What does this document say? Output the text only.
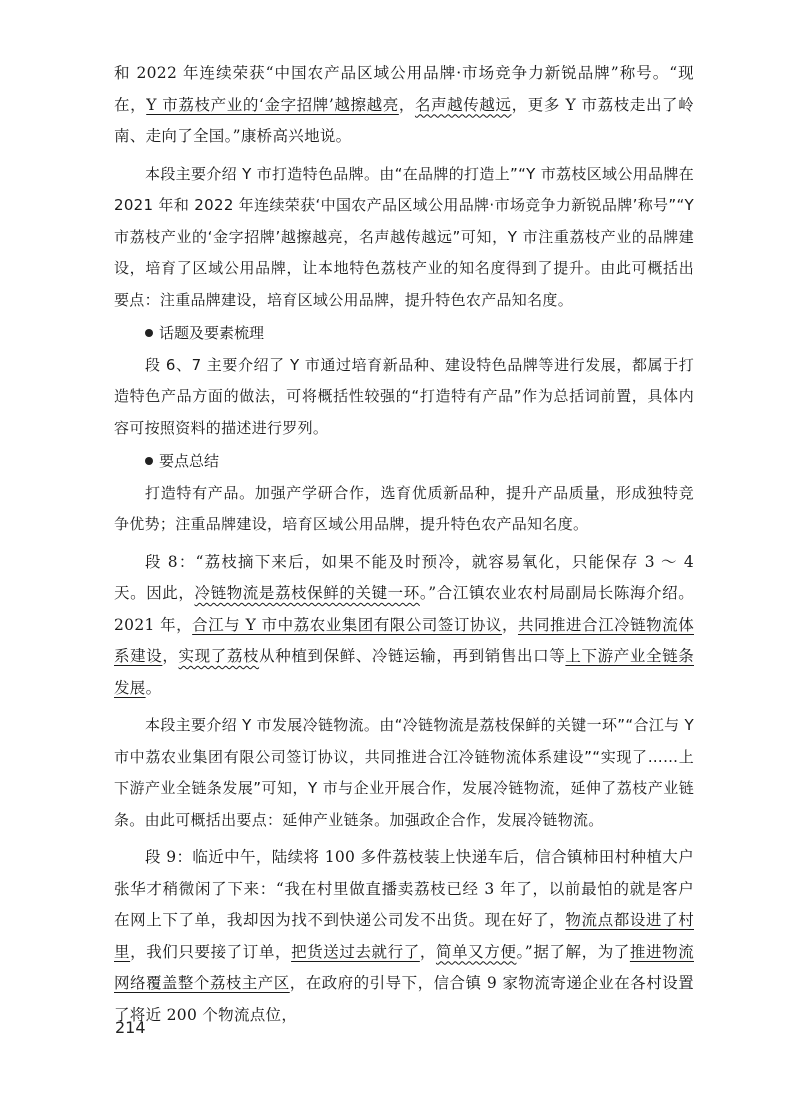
和 2022 年连续荣获“中国农产品区域公用品牌·市场竞争力新锐品牌”称号。“现在，Y 市荔枝产业的‘金字招牌’越擦越亮，名声越传越远，更多 Y 市荔枝走出了岭南、走向了全国。”康桥高兴地说。

本段主要介绍 Y 市打造特色品牌。由“在品牌的打造上”“Y 市荔枝区域公用品牌在 2021 年和 2022 年连续荣获‘中国农产品区域公用品牌·市场竞争力新锐品牌’称号”“Y 市荔枝产业的‘金字招牌’越擦越亮，名声越传越远”可知，Y 市注重荔枝产业的品牌建设，培育了区域公用品牌，让本地特色荔枝产业的知名度得到了提升。由此可概括出要点：注重品牌建设，培育区域公用品牌，提升特色农产品知名度。

话题及要素梳理

段 6、7 主要介绍了 Y 市通过培育新品种、建设特色品牌等进行发展，都属于打造特色产品方面的做法，可将概括性较强的“打造特有产品”作为总括词前置，具体内容可按照资料的描述进行罗列。

要点总结

打造特有产品。加强产学研合作，选育优质新品种，提升产品质量，形成独特竞争优势；注重品牌建设，培育区域公用品牌，提升特色农产品知名度。

段 8：“荔枝摘下来后，如果不能及时预冷，就容易氧化，只能保存 3 ～ 4 天。因此，冷链物流是荔枝保鲜的关键一环。”合江镇农业农村局副局长陈海介绍。2021 年，合江与 Y 市中荔农业集团有限公司签订协议，共同推进合江冷链物流体系建设，实现了荔枝从种植到保鲜、冷链运输，再到销售出口等上下游产业全链条发展。

本段主要介绍 Y 市发展冷链物流。由“冷链物流是荔枝保鲜的关键一环”“合江与 Y 市中荔农业集团有限公司签订协议，共同推进合江冷链物流体系建设”“实现了……上下游产业全链条发展”可知，Y 市与企业开展合作，发展冷链物流，延伸了荔枝产业链条。由此可概括出要点：延伸产业链条。加强政企合作，发展冷链物流。

段 9：临近中午，陆续将 100 多件荔枝装上快递车后，信合镇柿田村种植大户张华才稍微闲了下来：“我在村里做直播卖荔枝已经 3 年了，以前最怕的就是客户在网上下了单，我却因为找不到快递公司发不出货。现在好了，物流点都设进了村里，我们只要接了订单，把货送过去就行了，简单又方便。”据了解，为了推进物流网络覆盖整个荔枝主产区，在政府的引导下，信合镇 9 家物流寄递企业在各村设置了将近 200 个物流点位，

214
